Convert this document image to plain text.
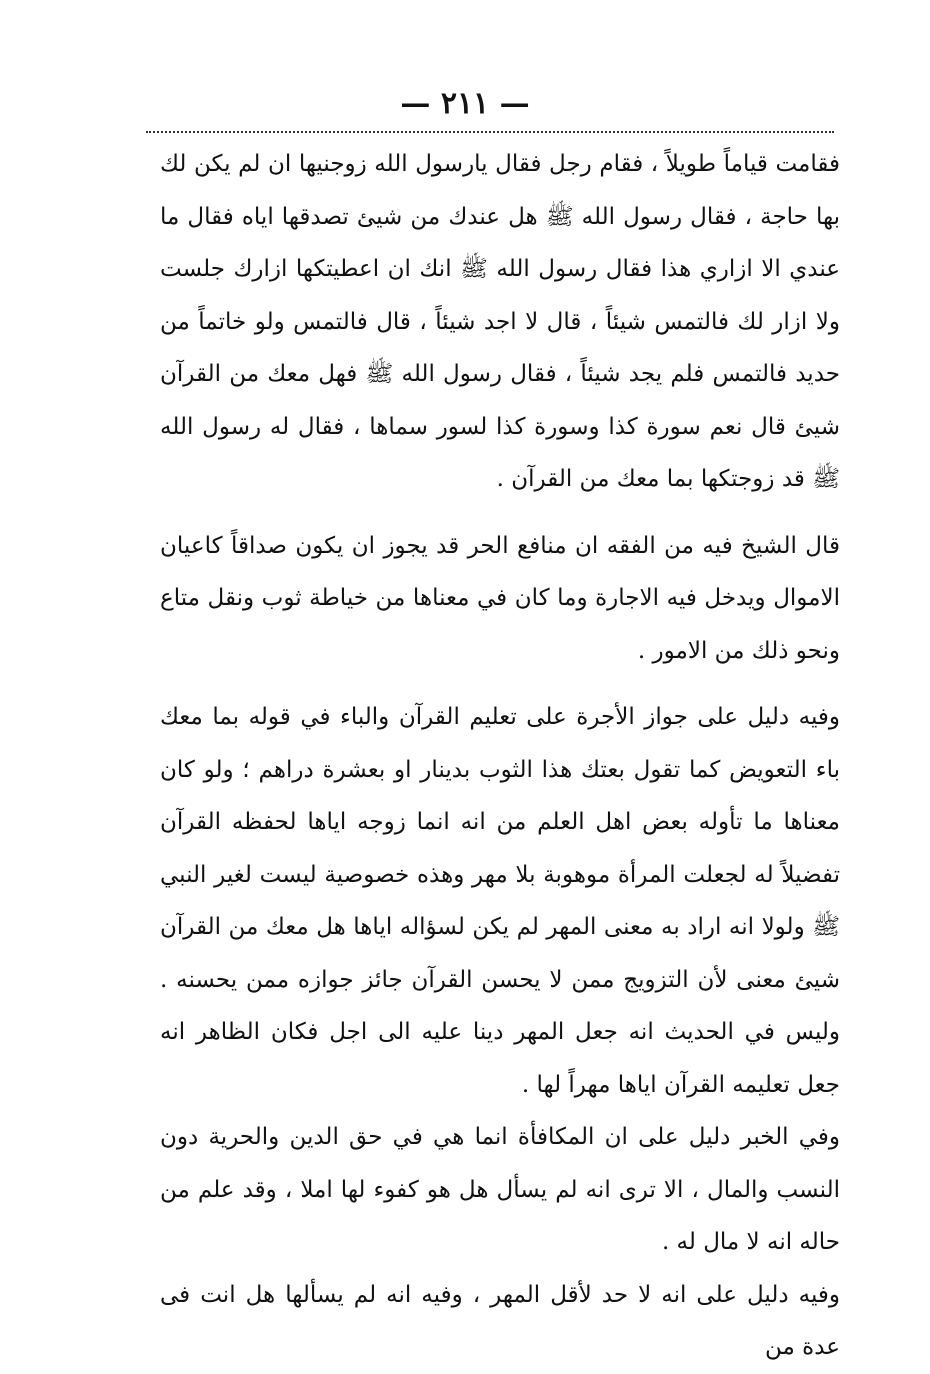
— ٢١١ —

فقامت قياماً طويلاً ، فقام رجل فقال يارسول الله زوجنيها ان لم يكن لك بها حاجة ، فقال رسول الله ﷺ هل عندك من شيئ تصدقها اياه فقال ما عندي الا ازاري هذا فقال رسول الله ﷺ انك ان اعطيتكها ازارك جلست ولا ازار لك فالتمس شيئاً ، قال لا اجد شيئاً ، قال فالتمس ولو خاتماً من حديد فالتمس فلم يجد شيئاً ، فقال رسول الله ﷺ فهل معك من القرآن شيئ قال نعم سورة كذا وسورة كذا لسور سماها ، فقال له رسول الله ﷺ قد زوجتكها بما معك من القرآن .

قال الشيخ فيه من الفقه ان منافع الحر قد يجوز ان يكون صداقاً كاعيان الاموال ويدخل فيه الاجارة وما كان في معناها من خياطة ثوب ونقل متاع ونحو ذلك من الامور .

وفيه دليل على جواز الأجرة على تعليم القرآن والباء في قوله بما معك باء التعويض كما تقول بعتك هذا الثوب بدينار او بعشرة دراهم ؛ ولو كان معناها ما تأوله بعض اهل العلم من انه انما زوجه اياها لحفظه القرآن تفضيلاً له لجعلت المرأة موهوبة بلا مهر وهذه خصوصية ليست لغير النبي ﷺ ولولا انه اراد به معنى المهر لم يكن لسؤاله اياها هل معك من القرآن شيئ معنى لأن التزويج ممن لا يحسن القرآن جائز جوازه ممن يحسنه . وليس في الحديث انه جعل المهر دينا عليه الى اجل فكان الظاهر انه جعل تعليمه القرآن اياها مهراً لها .

وفي الخبر دليل على ان المكافأة انما هي في حق الدين والحرية دون النسب والمال ، الا ترى انه لم يسأل هل هو كفوء لها املا ، وقد علم من حاله انه لا مال له .

وفيه دليل على انه لا حد لأقل المهر ، وفيه انه لم يسألها هل انت فى عدة من
